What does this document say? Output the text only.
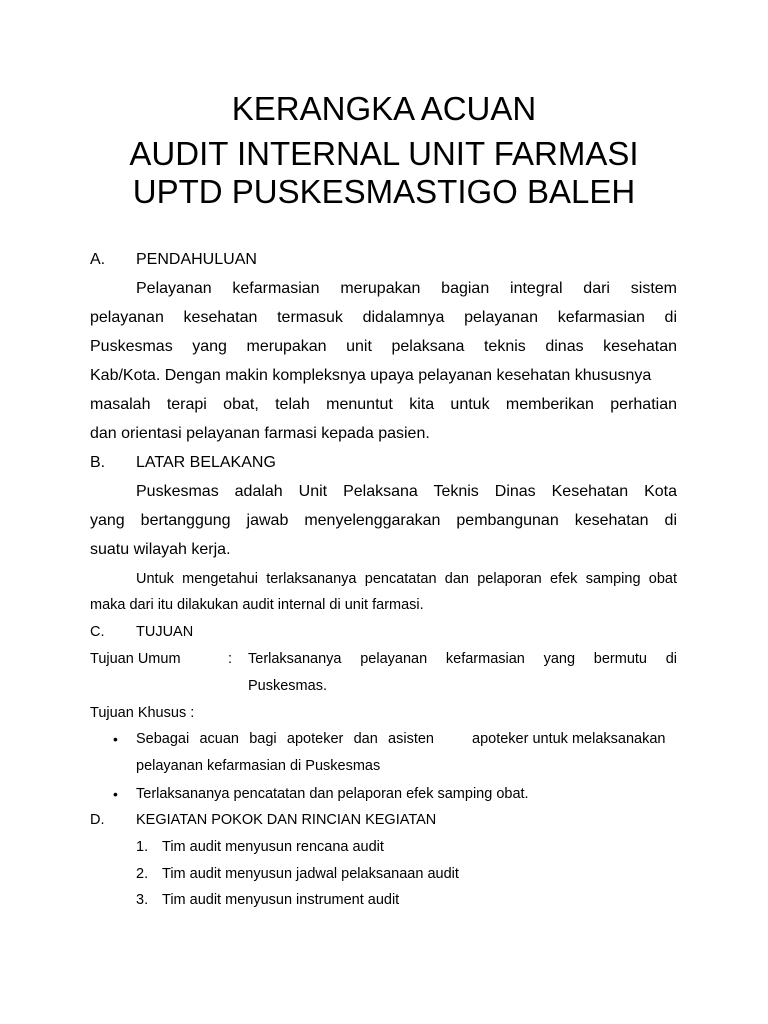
KERANGKA ACUAN
AUDIT INTERNAL UNIT FARMASI
UPTD PUSKESMASTIGO BALEH
A. PENDAHULUAN
Pelayanan kefarmasian merupakan bagian integral dari sistem
pelayanan kesehatan termasuk didalamnya pelayanan kefarmasian di
Puskesmas yang merupakan unit pelaksana teknis dinas kesehatan
Kab/Kota. Dengan makin kompleksnya upaya pelayanan kesehatan khususnya
masalah terapi obat, telah menuntut kita untuk memberikan perhatian
dan orientasi pelayanan farmasi kepada pasien.
B. LATAR BELAKANG
Puskesmas adalah Unit Pelaksana Teknis Dinas Kesehatan Kota
yang bertanggung jawab menyelenggarakan pembangunan kesehatan di
suatu wilayah kerja.
Untuk mengetahui terlaksananya pencatatan dan pelaporan efek samping obat
maka dari itu dilakukan audit internal di unit farmasi.
C. TUJUAN
Tujuan Umum	: Terlaksananya pelayanan kefarmasian yang bermutu di
Puskesmas.
Tujuan Khusus :
• Sebagai acuan bagi apoteker dan asisten	apoteker untuk melaksanakan
pelayanan kefarmasian di Puskesmas
• Terlaksananya pencatatan dan pelaporan efek samping obat.
D. KEGIATAN POKOK DAN RINCIAN KEGIATAN
1. Tim audit menyusun rencana audit
2. Tim audit menyusun jadwal pelaksanaan audit
3. Tim audit menyusun instrument audit
